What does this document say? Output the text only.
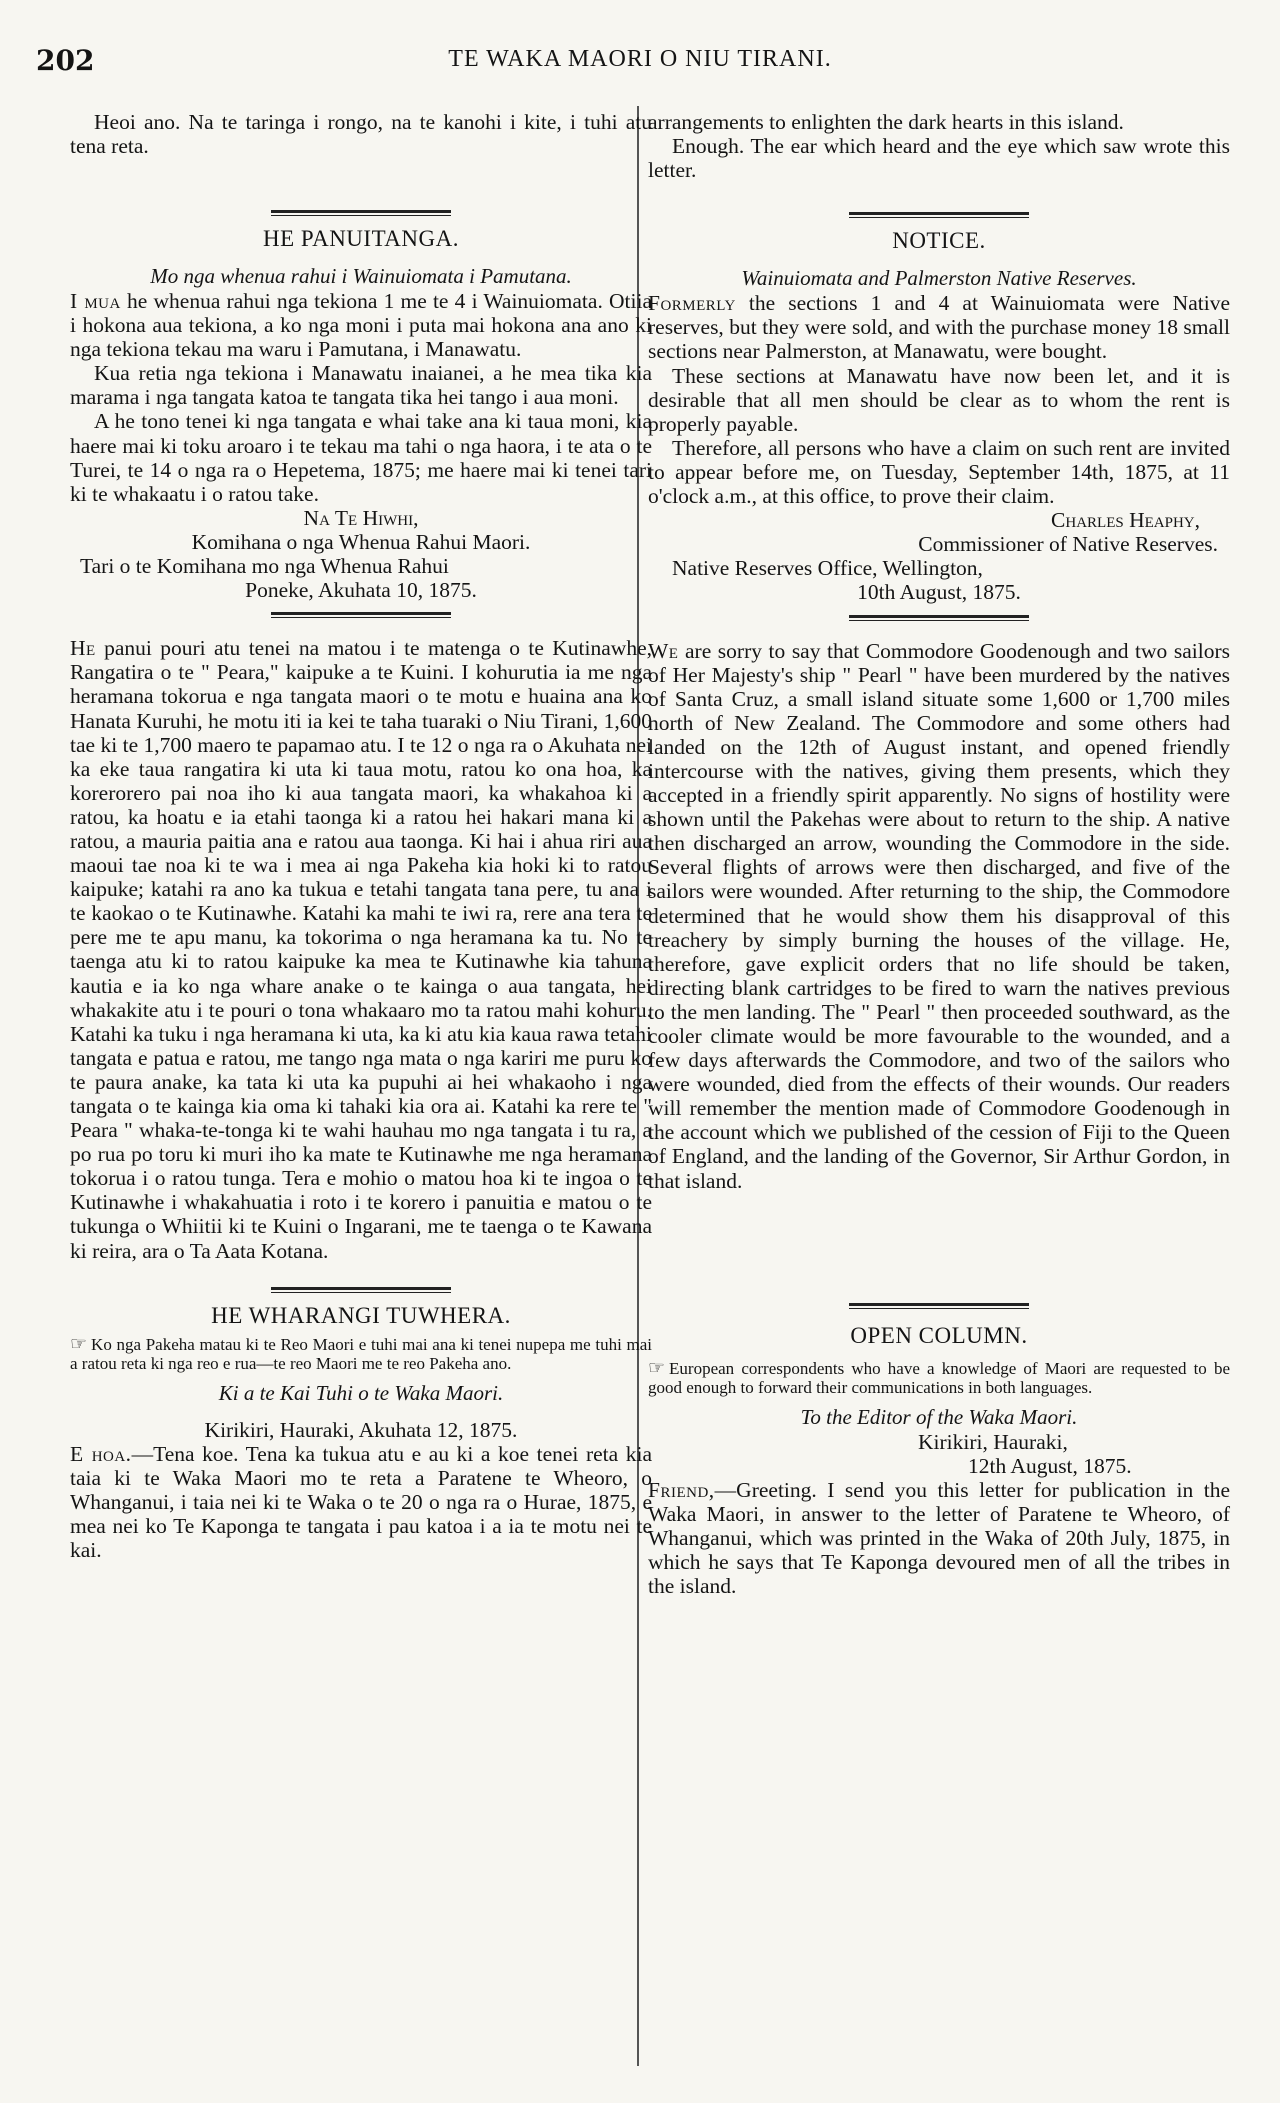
202	TE WAKA MAORI O NIU TIRANI.

Heoi ano. Na te taringa i rongo, na te kanohi i kite, i tuhi atu tena reta.

HE PANUITANGA.
Mo nga whenua rahui i Wainuiomata i Pamutana.

I mua he whenua rahui nga tekiona 1 me te 4 i Wainuiomata. Otiia i hokona aua tekiona, a ko nga moni i puta mai hokona ana ano ki nga tekiona tekau ma waru i Pamutana, i Manawatu.

Kua retia nga tekiona i Manawatu inaianei, a he mea tika kia marama i nga tangata katoa te tangata tika hei tango i aua moni.

A he tono tenei ki nga tangata e whai take ana ki taua moni, kia haere mai ki toku aroaro i te tekau ma tahi o nga haora, i te ata o te Turei, te 14 o nga ra o Hepetema, 1875; me haere mai ki tenei tari ki te whakaatu i o ratou take.

Na Te Hiwhi,

Komihana o nga Whenua Rahui Maori.

Tari o te Komihana mo nga Whenua Rahui

Poneke, Akuhata 10, 1875.

He panui pouri atu tenei na matou i te matenga o te Kutinawhe, Rangatira o te " Peara," kaipuke a te Kuini. I kohurutia ia me nga heramana tokorua e nga tangata maori o te motu e huaina ana ko Hanata Kuruhi, he motu iti ia kei te taha tuaraki o Niu Tirani, 1,600 tae ki te 1,700 maero te papamao atu. I te 12 o nga ra o Akuhata nei ka eke taua rangatira ki uta ki taua motu, ratou ko ona hoa, ka korerorero pai noa iho ki aua tangata maori, ka whakahoa ki a ratou, ka hoatu e ia etahi taonga ki a ratou hei hakari mana ki a ratou, a mauria paitia ana e ratou aua taonga. Ki hai i ahua riri aua maoui tae noa ki te wa i mea ai nga Pakeha kia hoki ki to ratou kaipuke; katahi ra ano ka tukua e tetahi tangata tana pere, tu ana i te kaokao o te Kutinawhe. Katahi ka mahi te iwi ra, rere ana tera te pere me te apu manu, ka tokorima o nga heramana ka tu. No te taenga atu ki to ratou kaipuke ka mea te Kutinawhe kia tahuna kautia e ia ko nga whare anake o te kainga o aua tangata, hei whakakite atu i te pouri o tona whakaaro mo ta ratou mahi kohuru. Katahi ka tuku i nga heramana ki uta, ka ki atu kia kaua rawa tetahi tangata e patua e ratou, me tango nga mata o nga kariri me puru ko te paura anake, ka tata ki uta ka pupuhi ai hei whakaoho i nga tangata o te kainga kia oma ki tahaki kia ora ai. Katahi ka rere te " Peara " whaka-te-tonga ki te wahi hauhau mo nga tangata i tu ra, a po rua po toru ki muri iho ka mate te Kutinawhe me nga heramana tokorua i o ratou tunga. Tera e mohio o matou hoa ki te ingoa o te Kutinawhe i whakahuatia i roto i te korero i panuitia e matou o te tukunga o Whiitii ki te Kuini o Ingarani, me te taenga o te Kawana ki reira, ara o Ta Aata Kotana.

HE WHARANGI TUWHERA.

☞ Ko nga Pakeha matau ki te Reo Maori e tuhi mai ana ki tenei nupepa me tuhi mai a ratou reta ki nga reo e rua—te reo Maori me te reo Pakeha ano.

Ki a te Kai Tuhi o te Waka Maori.

Kirikiri, Hauraki, Akuhata 12, 1875.

E hoa.—Tena koe. Tena ka tukua atu e au ki a koe tenei reta kia taia ki te Waka Maori mo te reta a Paratene te Wheoro, o Whanganui, i taia nei ki te Waka o te 20 o nga ra o Hurae, 1875, e mea nei ko Te Kaponga te tangata i pau katoa i a ia te motu nei te kai.

arrangements to enlighten the dark hearts in this island.

Enough. The ear which heard and the eye which saw wrote this letter.

NOTICE.
Wainuiomata and Palmerston Native Reserves.

Formerly the sections 1 and 4 at Wainuiomata were Native reserves, but they were sold, and with the purchase money 18 small sections near Palmerston, at Manawatu, were bought.

These sections at Manawatu have now been let, and it is desirable that all men should be clear as to whom the rent is properly payable.

Therefore, all persons who have a claim on such rent are invited to appear before me, on Tuesday, September 14th, 1875, at 11 o'clock a.m., at this office, to prove their claim.

Charles Heaphy,

Commissioner of Native Reserves.

Native Reserves Office, Wellington,

10th August, 1875.

We are sorry to say that Commodore Goodenough and two sailors of Her Majesty's ship " Pearl " have been murdered by the natives of Santa Cruz, a small island situate some 1,600 or 1,700 miles north of New Zealand. The Commodore and some others had landed on the 12th of August instant, and opened friendly intercourse with the natives, giving them presents, which they accepted in a friendly spirit apparently. No signs of hostility were shown until the Pakehas were about to return to the ship. A native then discharged an arrow, wounding the Commodore in the side. Several flights of arrows were then discharged, and five of the sailors were wounded. After returning to the ship, the Commodore determined that he would show them his disapproval of this treachery by simply burning the houses of the village. He, therefore, gave explicit orders that no life should be taken, directing blank cartridges to be fired to warn the natives previous to the men landing. The " Pearl " then proceeded southward, as the cooler climate would be more favourable to the wounded, and a few days afterwards the Commodore, and two of the sailors who were wounded, died from the effects of their wounds. Our readers will remember the mention made of Commodore Goodenough in the account which we published of the cession of Fiji to the Queen of England, and the landing of the Governor, Sir Arthur Gordon, in that island.

OPEN COLUMN.

☞ European correspondents who have a knowledge of Maori are requested to be good enough to forward their communications in both languages.

To the Editor of the Waka Maori.

Kirikiri, Hauraki,

12th August, 1875.

Friend,—Greeting. I send you this letter for publication in the Waka Maori, in answer to the letter of Paratene te Wheoro, of Whanganui, which was printed in the Waka of 20th July, 1875, in which he says that Te Kaponga devoured men of all the tribes in the island.
